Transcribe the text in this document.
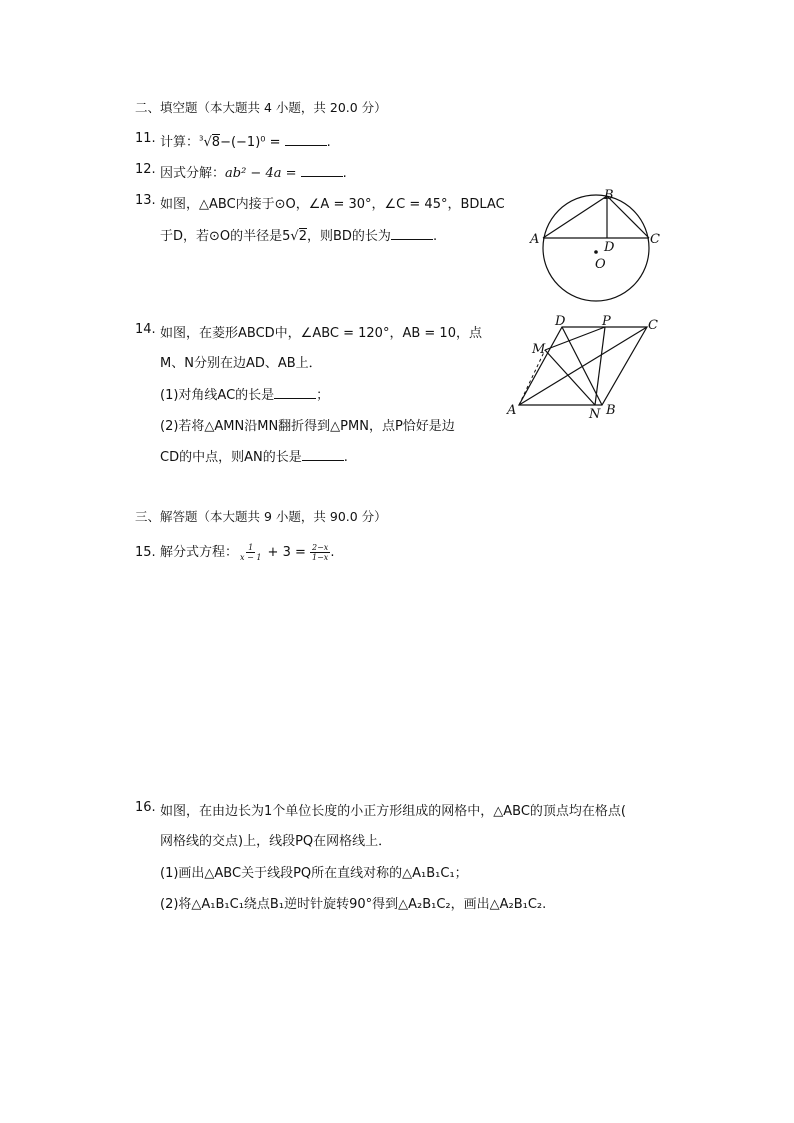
二、填空题（本大题共 4 小题，共 20.0 分）
11. 计算：$^3$√8−(−1)⁰ =	.
12. 因式分解：ab² − 4a =	.
13. 如图，△ABC内接于⊙O，∠A = 30°，∠C = 45°，BDLAC
于D，若⊙O的半径是5√2，则BD的长为	.	A
B
C
D
O
14. 如图，在菱形ABCD中，∠ABC = 120°，AB = 10，点
M、N分别在边AD、AB上．
(1)对角线AC的长是	；
(2)若将△AMN沿MN翻折得到△PMN，点P恰好是边
CD的中点，则AN的长是	.
A	B
C
D
M
N
P
三、解答题（本大题共 9 小题，共 90.0 分）
15. 解分式方程： $\frac{1}{x - 1} + 3 = \frac{2-x}{1-x}$ .
16. 如图，在由边长为1个单位长度的小正方形组成的网格中，△ABC的顶点均在格点(
网格线的交点)上，线段PQ在网格线上．
(1)画出△ABC关于线段PQ所在直线对称的△A₁B₁C₁；
(2)将△A₁B₁C₁绕点B₁逆时针旋转90°得到△A₂B₁C₂，画出△A₂B₁C₂.
